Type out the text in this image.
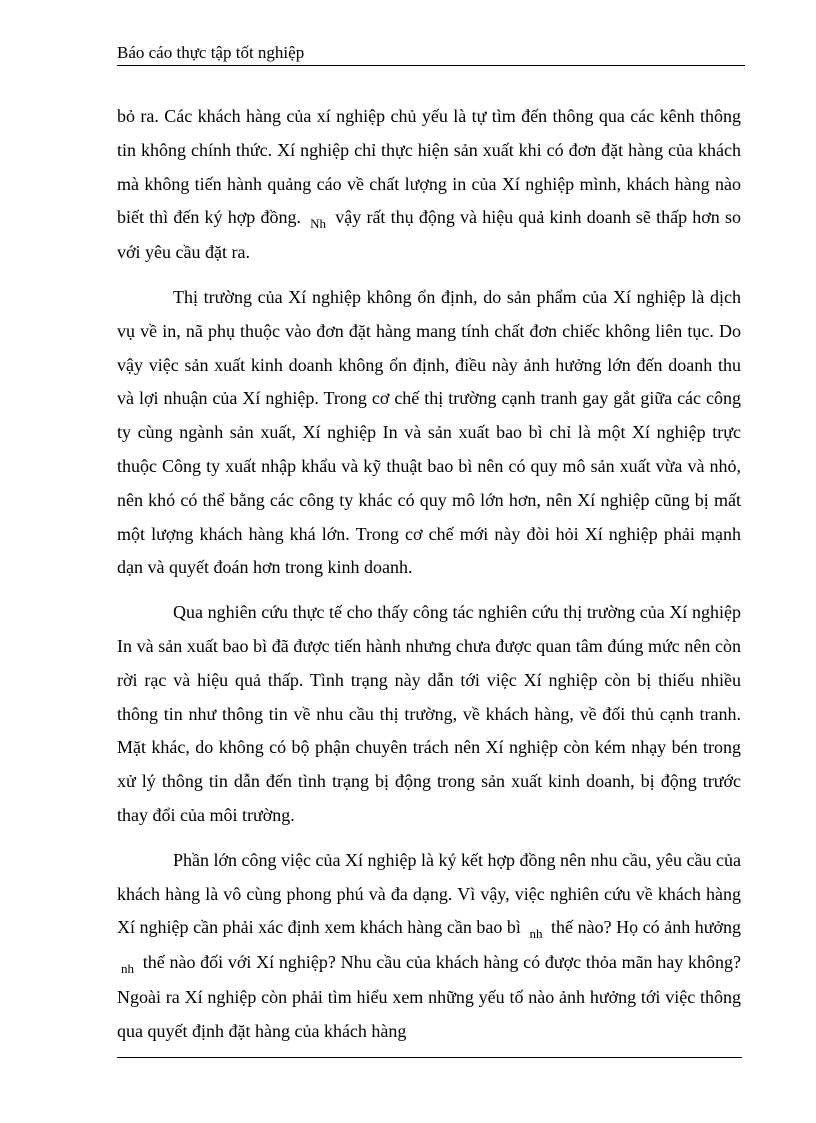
Báo cáo thực tập tốt nghiệp

bỏ ra. Các khách hàng của xí nghiệp chủ yếu là tự tìm đến thông qua các kênh thông tin không chính thức. Xí nghiệp chỉ thực hiện sản xuất khi có đơn đặt hàng của khách mà không tiến hành quảng cáo về chất lượng in của Xí nghiệp mình, khách hàng nào biết thì đến ký hợp đồng. $_{Nh}$ vậy rất thụ động và hiệu quả kinh doanh sẽ thấp hơn so với yêu cầu đặt ra.

Thị trường của Xí nghiệp không ổn định, do sản phẩm của Xí nghiệp là dịch vụ về in, nã phụ thuộc vào đơn đặt hàng mang tính chất đơn chiếc không liên tục. Do vậy việc sản xuất kinh doanh không ổn định, điều này ảnh hưởng lớn đến doanh thu và lợi nhuận của Xí nghiệp. Trong cơ chế thị trường cạnh tranh gay gắt giữa các công ty cùng ngành sản xuất, Xí nghiệp In và sản xuất bao bì chỉ là một Xí nghiệp trực thuộc Công ty xuất nhập khẩu và kỹ thuật bao bì nên có quy mô sản xuất vừa và nhỏ, nên khó có thể bằng các công ty khác có quy mô lớn hơn, nên Xí nghiệp cũng bị mất một lượng khách hàng khá lớn. Trong cơ chế mới này đòi hỏi Xí nghiệp phải mạnh dạn và quyết đoán hơn trong kinh doanh.

Qua nghiên cứu thực tế cho thấy công tác nghiên cứu thị trường của Xí nghiệp In và sản xuất bao bì đã được tiến hành nhưng chưa được quan tâm đúng mức nên còn rời rạc và hiệu quả thấp. Tình trạng này dẫn tới việc Xí nghiệp còn bị thiếu nhiều thông tin như thông tin về nhu cầu thị trường, về khách hàng, về đối thủ cạnh tranh. Mặt khác, do không có bộ phận chuyên trách nên Xí nghiệp còn kém nhạy bén trong xử lý thông tin dẫn đến tình trạng bị động trong sản xuất kinh doanh, bị động trước thay đổi của môi trường.

Phần lớn công việc của Xí nghiệp là ký kết hợp đồng nên nhu cầu, yêu cầu của khách hàng là vô cùng phong phú và đa dạng. Vì vậy, việc nghiên cứu về khách hàng Xí nghiệp cần phải xác định xem khách hàng cần bao bì $_{nh}$ thế nào? Họ có ảnh hưởng $_{nh}$ thế nào đối với Xí nghiệp? Nhu cầu của khách hàng có được thỏa mãn hay không? Ngoài ra Xí nghiệp còn phải tìm hiểu xem những yếu tố nào ảnh hưởng tới việc thông qua quyết định đặt hàng của khách hàng
